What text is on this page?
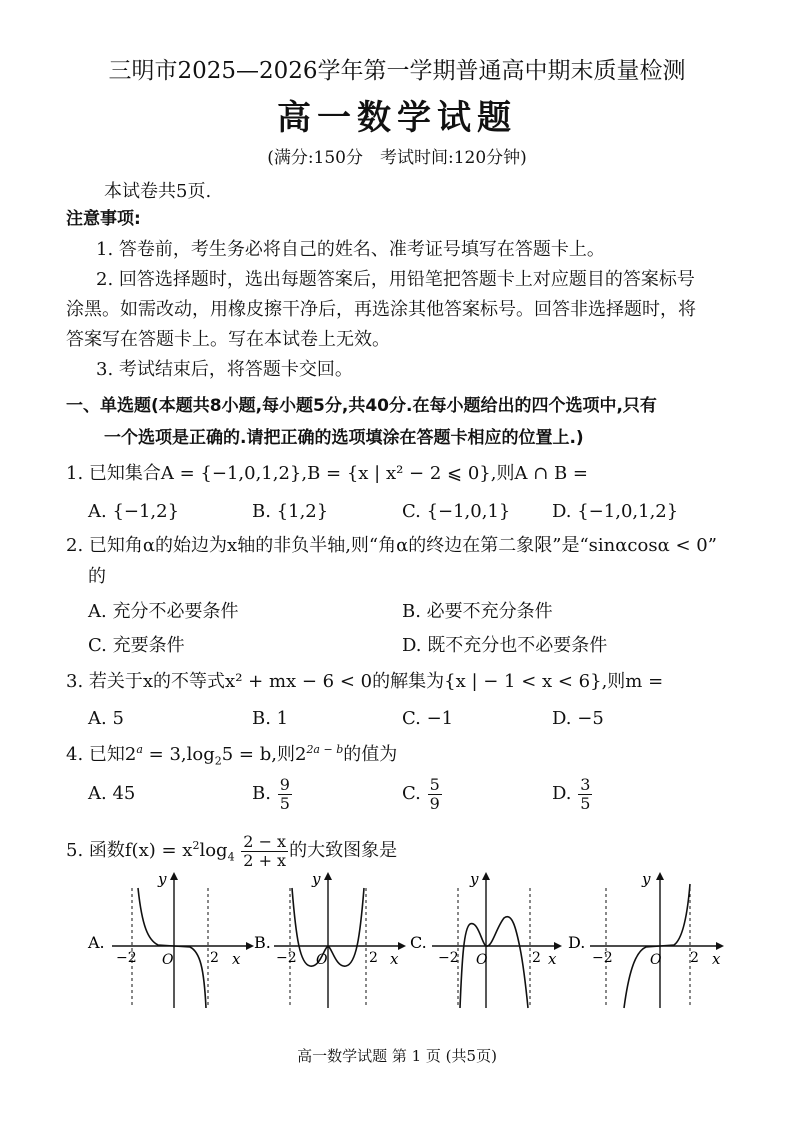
三明市2025—2026学年第一学期普通高中期末质量检测
高一数学试题
(满分:150分　考试时间:120分钟)
本试卷共5页.
注意事项:
1. 答卷前，考生务必将自己的姓名、准考证号填写在答题卡上。
2. 回答选择题时，选出每题答案后，用铅笔把答题卡上对应题目的答案标号
涂黑。如需改动，用橡皮擦干净后，再选涂其他答案标号。回答非选择题时，将
答案写在答题卡上。写在本试卷上无效。
3. 考试结束后，将答题卡交回。
一、单选题(本题共8小题,每小题5分,共40分.在每小题给出的四个选项中,只有
一个选项是正确的.请把正确的选项填涂在答题卡相应的位置上.)
1. 已知集合A = {−1,0,1,2},B = {x | x² − 2 ⩽ 0},则A ∩ B =
A. {−1,2}	B. {1,2}	C. {−1,0,1} D. {−1,0,1,2}
2. 已知角α的始边为x轴的非负半轴,则“角α的终边在第二象限”是“sinαcosα < 0”
的
A. 充分不必要条件	B. 必要不充分条件
C. 充要条件	D. 既不充分也不必要条件
3. 若关于x的不等式x² + mx − 6 < 0的解集为{x | − 1 < x < 6},则m =
A. 5	B. 1	C. −1	D. −5
4. 已知$2^a = 3,\log_25 = b$,则$2^{2a - b}$的值为
A. 45	B. $\frac{9}{5}$	C. $\frac{5}{9}$	D. $\frac{3}{5}$
5. 函数$f(x) = x^2\log_4 \frac{2 - x}{2 + x}$ 的大致图象是
A.
−2 O	2 x
y
B.
−2 O	2 x
y
C.
−2 O	2 x
y
D.
−2	O 2 x
y
高一数学试题 第 1 页 (共5页)
